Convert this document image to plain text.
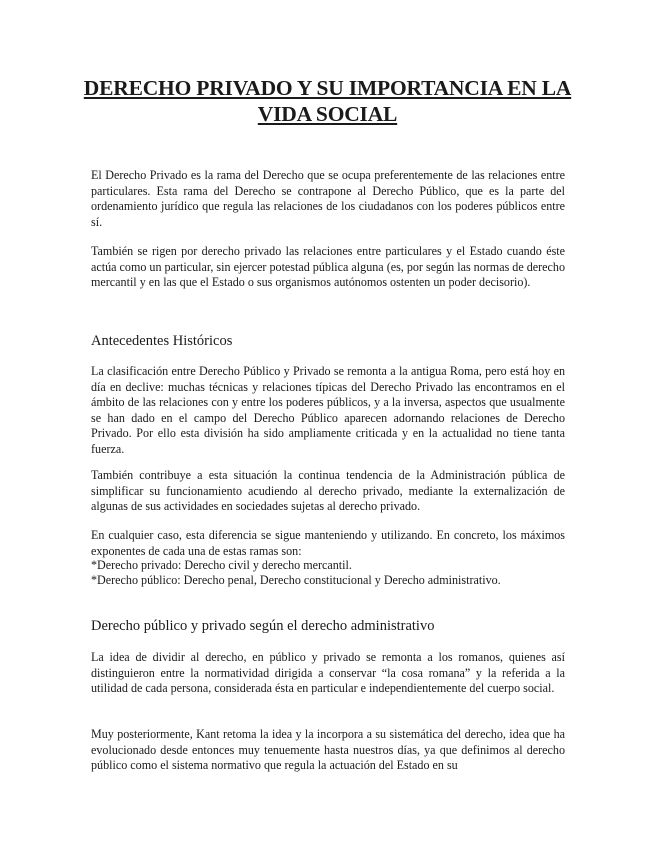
DERECHO PRIVADO Y SU IMPORTANCIA EN LA VIDA SOCIAL

El Derecho Privado es la rama del Derecho que se ocupa preferentemente de las relaciones entre particulares. Esta rama del Derecho se contrapone al Derecho Público, que es la parte del ordenamiento jurídico que regula las relaciones de los ciudadanos con los poderes públicos entre sí.

También se rigen por derecho privado las relaciones entre particulares y el Estado cuando éste actúa como un particular, sin ejercer potestad pública alguna (es, por según las normas de derecho mercantil y en las que el Estado o sus organismos autónomos ostenten un poder decisorio).

Antecedentes Históricos

La clasificación entre Derecho Público y Privado se remonta a la antigua Roma, pero está hoy en día en declive: muchas técnicas y relaciones típicas del Derecho Privado las encontramos en el ámbito de las relaciones con y entre los poderes públicos, y a la inversa, aspectos que usualmente se han dado en el campo del Derecho Público aparecen adornando relaciones de Derecho Privado. Por ello esta división ha sido ampliamente criticada y en la actualidad no tiene tanta fuerza.

También contribuye a esta situación la continua tendencia de la Administración pública de simplificar su funcionamiento acudiendo al derecho privado, mediante la externalización de algunas de sus actividades en sociedades sujetas al derecho privado.

En cualquier caso, esta diferencia se sigue manteniendo y utilizando. En concreto, los máximos exponentes de cada una de estas ramas son:

*Derecho privado: Derecho civil y derecho mercantil.

*Derecho público: Derecho penal, Derecho constitucional y Derecho administrativo.

Derecho público y privado según el derecho administrativo

La idea de dividir al derecho, en público y privado se remonta a los romanos, quienes así distinguieron entre la normatividad dirigida a conservar “la cosa romana” y la referida a la utilidad de cada persona, considerada ésta en particular e independientemente del cuerpo social.

Muy posteriormente, Kant retoma la idea y la incorpora a su sistemática del derecho, idea que ha evolucionado desde entonces muy tenuemente hasta nuestros días, ya que definimos al derecho público como el sistema normativo que regula la actuación del Estado en su
